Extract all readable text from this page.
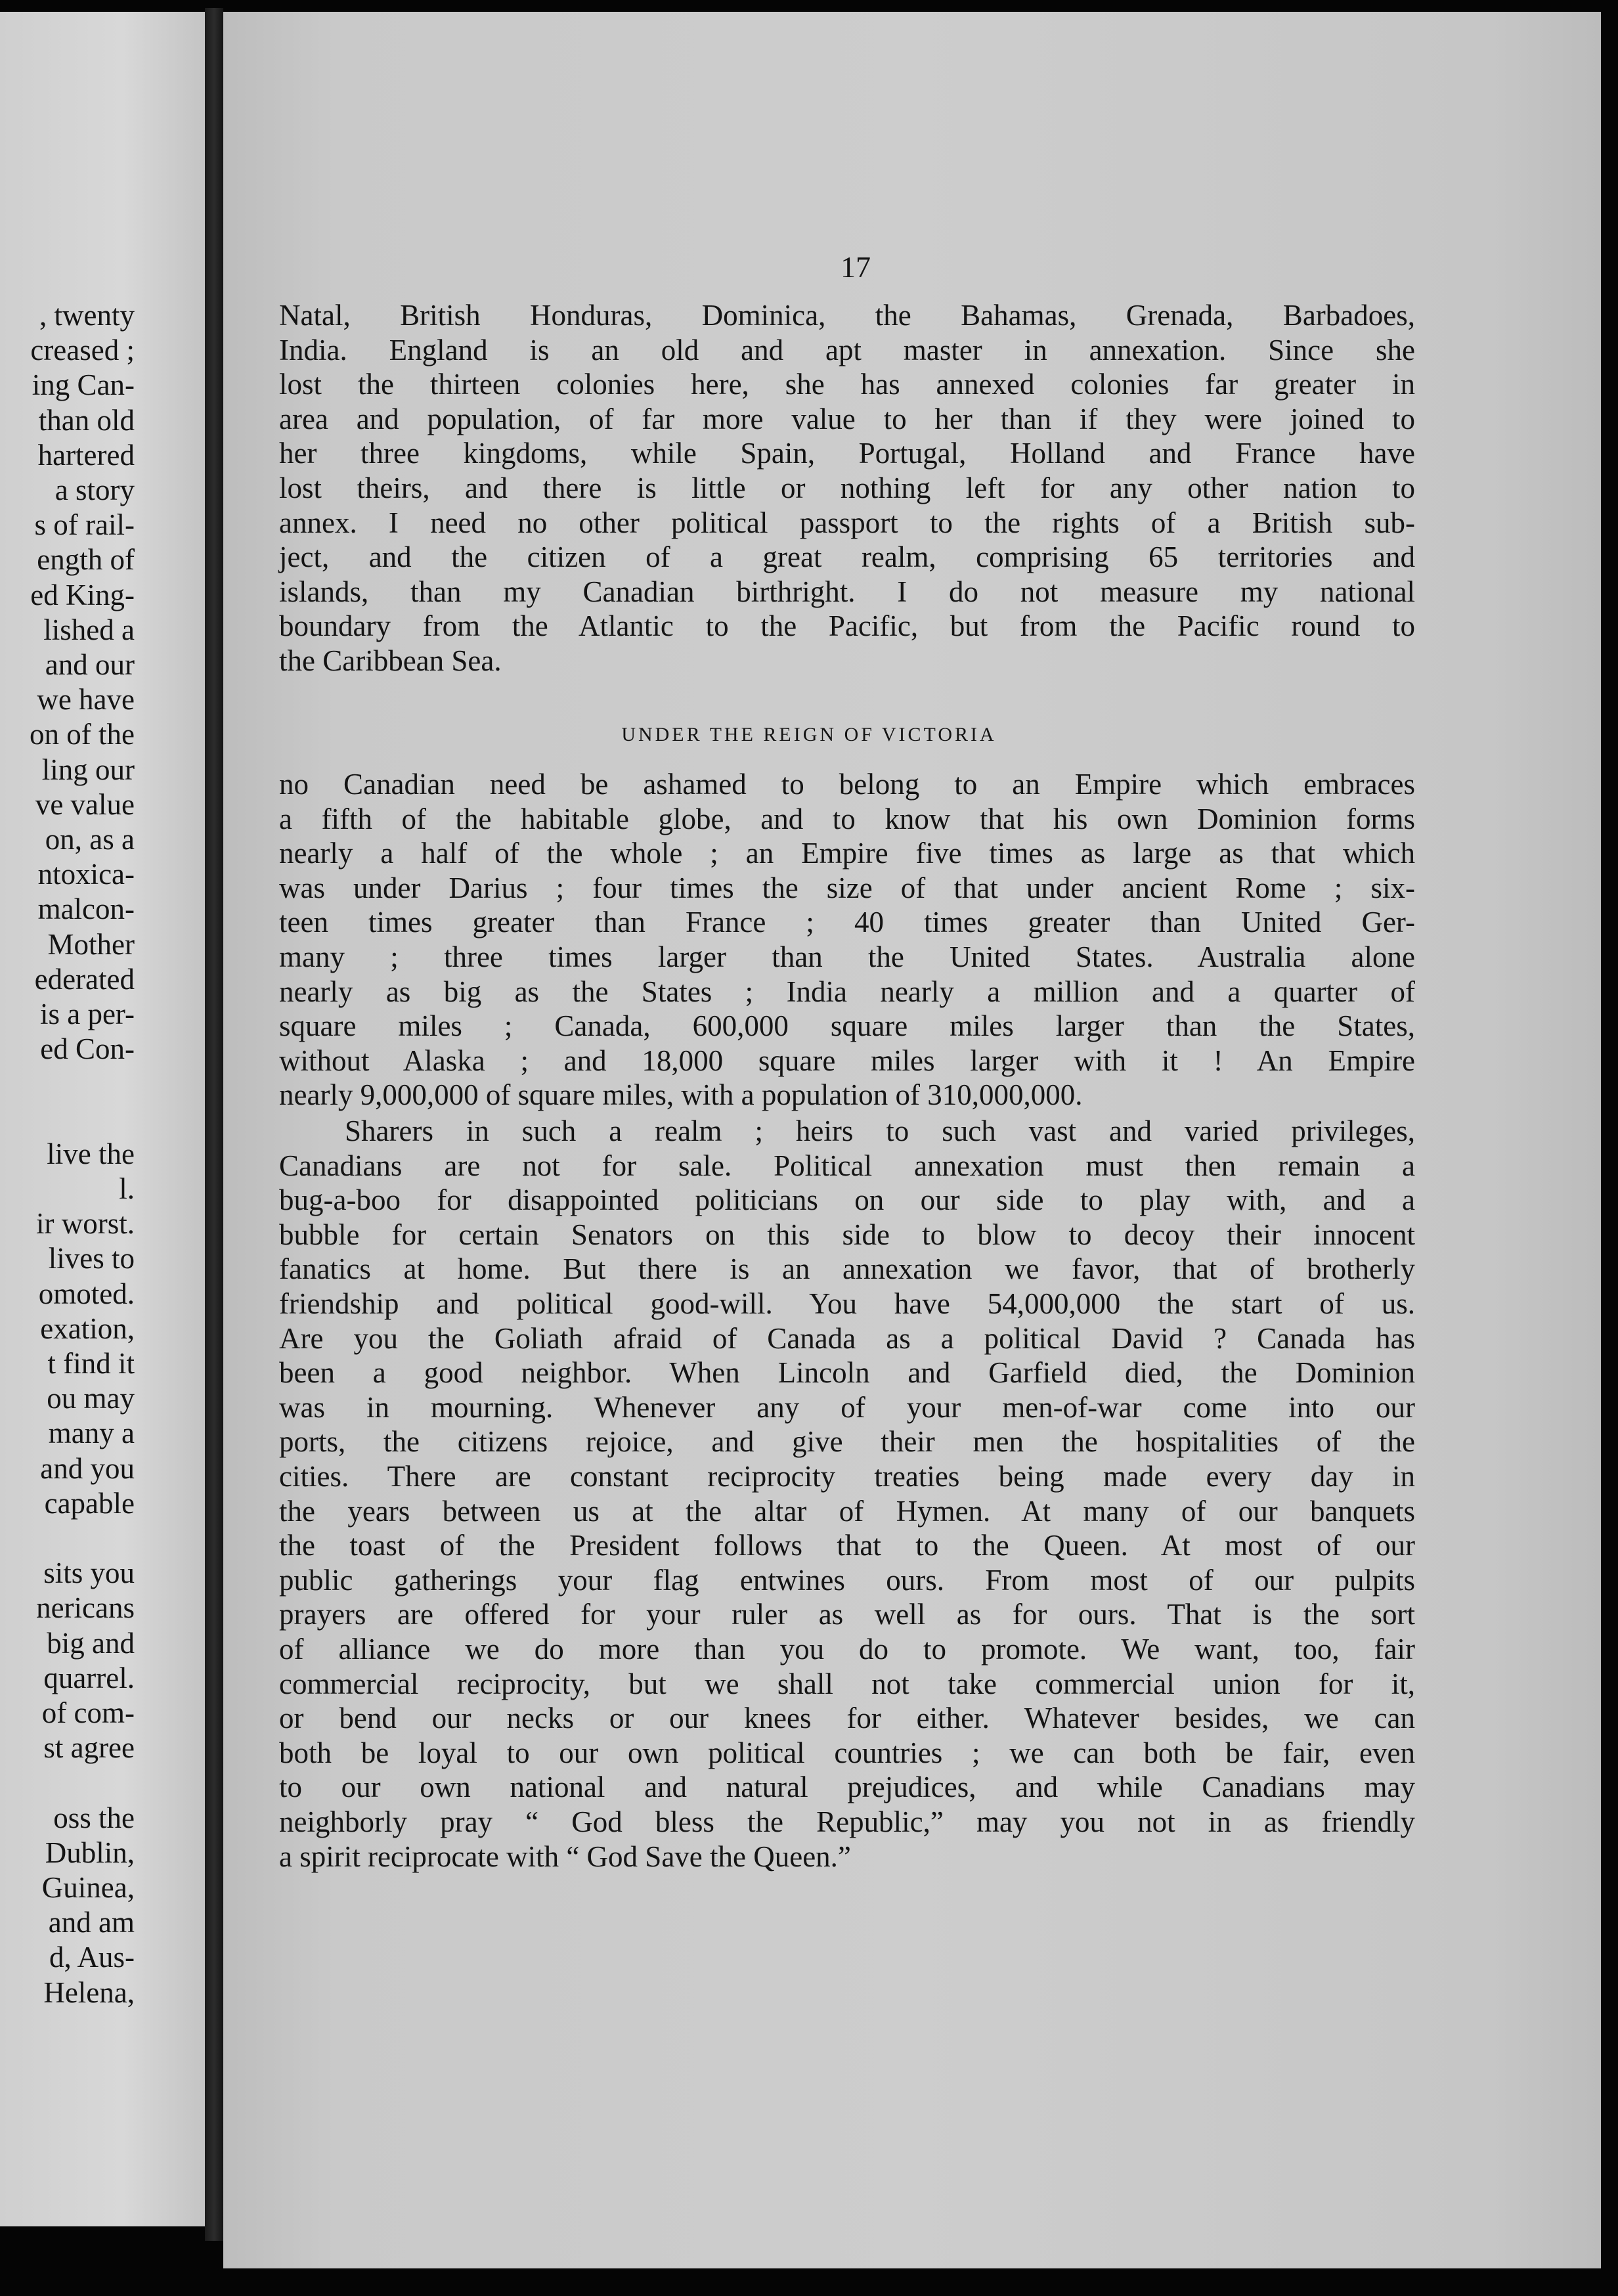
, twenty
creased ;
ing Can-
than old
hartered
a story
s of rail-
ength of
ed King-
lished a
and our
we have
on of the
ling our
ve value
on, as a
ntoxica-
malcon-
Mother
ederated
is a per-
ed Con-
live the
l.
ir worst.
lives to
omoted.
exation,
t find it
ou may
many a
and you
capable
sits you
nericans
big and
quarrel.
of com-
st agree
oss the
Dublin,
Guinea,
and am
d, Aus-
Helena,
17
UNDER THE REIGN OF VICTORIA
Natal, British Honduras, Dominica, the Bahamas, Grenada, Barbadoes,
India. England is an old and apt master in annexation. Since she
lost the thirteen colonies here, she has annexed colonies far greater in
area and population, of far more value to her than if they were joined to
her three kingdoms, while Spain, Portugal, Holland and France have
lost theirs, and there is little or nothing left for any other nation to
annex. I need no other political passport to the rights of a British sub-
ject, and the citizen of a great realm, comprising 65 territories and
islands, than my Canadian birthright. I do not measure my national
boundary from the Atlantic to the Pacific, but from the Pacific round to
the Caribbean Sea.
no Canadian need be ashamed to belong to an Empire which embraces
a fifth of the habitable globe, and to know that his own Dominion forms
nearly a half of the whole ; an Empire five times as large as that which
was under Darius ; four times the size of that under ancient Rome ; six-
teen times greater than France ; 40 times greater than United Ger-
many ; three times larger than the United States. Australia alone
nearly as big as the States ; India nearly a million and a quarter of
square miles ; Canada, 600,000 square miles larger than the States,
without Alaska ; and 18,000 square miles larger with it ! An Empire
nearly 9,000,000 of square miles, with a population of 310,000,000.
Sharers in such a realm ; heirs to such vast and varied privileges,
Canadians are not for sale. Political annexation must then remain a
bug-a-boo for disappointed politicians on our side to play with, and a
bubble for certain Senators on this side to blow to decoy their innocent
fanatics at home. But there is an annexation we favor, that of brotherly
friendship and political good-will. You have 54,000,000 the start of us.
Are you the Goliath afraid of Canada as a political David ? Canada has
been a good neighbor. When Lincoln and Garfield died, the Dominion
was in mourning. Whenever any of your men-of-war come into our
ports, the citizens rejoice, and give their men the hospitalities of the
cities. There are constant reciprocity treaties being made every day in
the years between us at the altar of Hymen. At many of our banquets
the toast of the President follows that to the Queen. At most of our
public gatherings your flag entwines ours. From most of our pulpits
prayers are offered for your ruler as well as for ours. That is the sort
of alliance we do more than you do to promote. We want, too, fair
commercial reciprocity, but we shall not take commercial union for it,
or bend our necks or our knees for either. Whatever besides, we can
both be loyal to our own political countries ; we can both be fair, even
to our own national and natural prejudices, and while Canadians may
neighborly pray “ God bless the Republic,” may you not in as friendly
a spirit reciprocate with “ God Save the Queen.”
